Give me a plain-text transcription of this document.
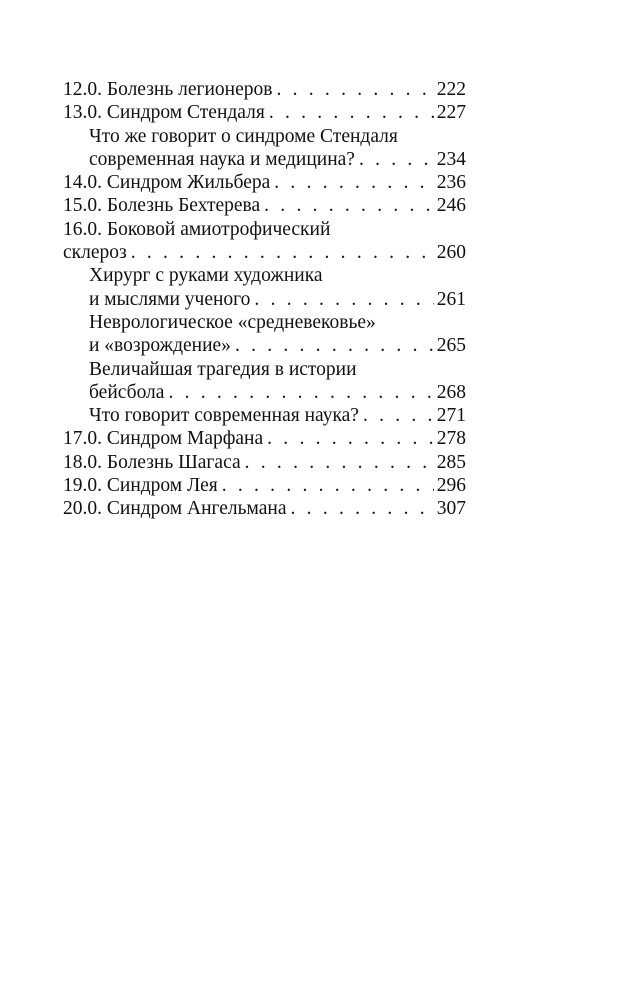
12.0. Болезнь легионеров . . .	222
13.0. Синдром Стендаля . . .	227
Что же говорит о синдроме Стендаля
современная наука и медицина? . . .	234
14.0. Синдром Жильбера . . .	236
15.0. Болезнь Бехтерева . . .	246
16.0. Боковой амиотрофический
склероз . . .	260
Хирург с руками художника
и мыслями ученого . . .	261
Неврологическое «средневековье»
и «возрождение» . . .	265
Величайшая трагедия в истории
бейсбола . . .	268
Что говорит современная наука? . . .	271
17.0. Синдром Марфана . . .	278
18.0. Болезнь Шагаса . . .	285
19.0. Синдром Лея . . .	296
20.0. Синдром Ангельмана . . .	307
